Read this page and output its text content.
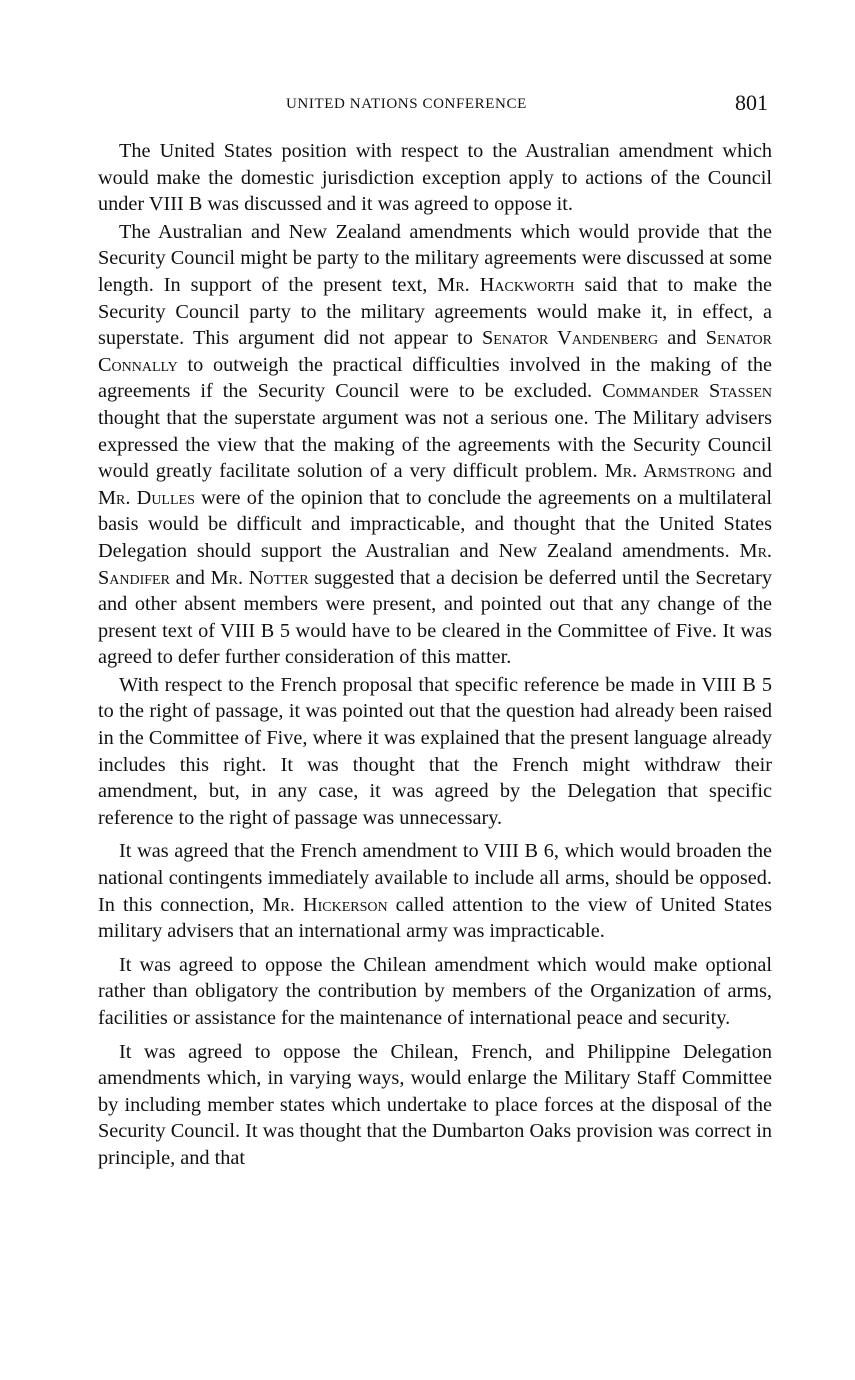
UNITED NATIONS CONFERENCE	801

The United States position with respect to the Australian amendment which would make the domestic jurisdiction exception apply to actions of the Council under VIII B was discussed and it was agreed to oppose it.

The Australian and New Zealand amendments which would provide that the Security Council might be party to the military agreements were discussed at some length. In support of the present text, Mr. Hackworth said that to make the Security Council party to the military agreements would make it, in effect, a superstate. This argument did not appear to Senator Vandenberg and Senator Connally to outweigh the practical difficulties involved in the making of the agreements if the Security Council were to be excluded. Commander Stassen thought that the superstate argument was not a serious one. The Military advisers expressed the view that the making of the agreements with the Security Council would greatly facilitate solution of a very difficult problem. Mr. Armstrong and Mr. Dulles were of the opinion that to conclude the agreements on a multilateral basis would be difficult and impracticable, and thought that the United States Delegation should support the Australian and New Zealand amendments. Mr. Sandifer and Mr. Notter suggested that a decision be deferred until the Secretary and other absent members were present, and pointed out that any change of the present text of VIII B 5 would have to be cleared in the Committee of Five. It was agreed to defer further consideration of this matter.

With respect to the French proposal that specific reference be made in VIII B 5 to the right of passage, it was pointed out that the question had already been raised in the Committee of Five, where it was explained that the present language already includes this right. It was thought that the French might withdraw their amendment, but, in any case, it was agreed by the Delegation that specific reference to the right of passage was unnecessary.

It was agreed that the French amendment to VIII B 6, which would broaden the national contingents immediately available to include all arms, should be opposed. In this connection, Mr. Hickerson called attention to the view of United States military advisers that an international army was impracticable.

It was agreed to oppose the Chilean amendment which would make optional rather than obligatory the contribution by members of the Organization of arms, facilities or assistance for the maintenance of international peace and security.

It was agreed to oppose the Chilean, French, and Philippine Delegation amendments which, in varying ways, would enlarge the Military Staff Committee by including member states which undertake to place forces at the disposal of the Security Council. It was thought that the Dumbarton Oaks provision was correct in principle, and that
